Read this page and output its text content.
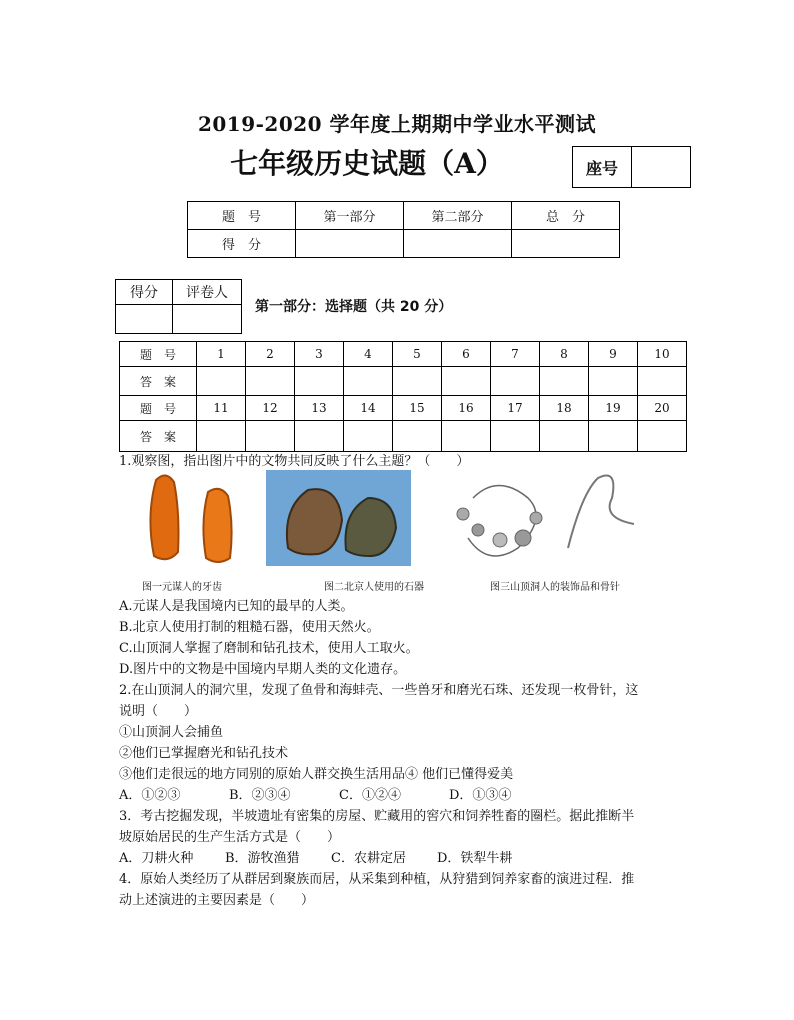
2019-2020 学年度上期期中学业水平测试
七年级历史试题（A）	座号	
题　号	第一部分	第二部分	总　分
得　分			
得分	评卷人

第一部分：选择题（共 20 分）
题　号	1	2	3	4	5	6	7	8	9	10
答　案										
题　号	11	12	13	14	15	16	17	18	19	20
答　案										
1.观察图，指出图片中的文物共同反映了什么主题？（　　）
图一元谋人的牙齿	图二北京人使用的石器	图三山顶洞人的装饰品和骨针
A.元谋人是我国境内已知的最早的人类。
B.北京人使用打制的粗糙石器，使用天然火。
C.山顶洞人掌握了磨制和钻孔技术，使用人工取火。
D.图片中的文物是中国境内早期人类的文化遗存。
2.在山顶洞人的洞穴里，发现了鱼骨和海蚌壳、一些兽牙和磨光石珠、还发现一枚骨针，这
说明（　　）
①山顶洞人会捕鱼
②他们已掌握磨光和钻孔技术
③他们走很远的地方同别的原始人群交换生活用品④ 他们已懂得爱美
A．①②③	B．②③④	C．①②④	D．①③④
3．考古挖掘发现，半坡遗址有密集的房屋、贮藏用的窖穴和饲养牲畜的圈栏。据此推断半
坡原始居民的生产生活方式是（　　）
A．刀耕火种 B．游牧渔猎 C．农耕定居 D．铁犁牛耕
4．原始人类经历了从群居到聚族而居，从采集到种植，从狩猎到饲养家畜的演进过程．推
动上述演进的主要因素是（　　）
